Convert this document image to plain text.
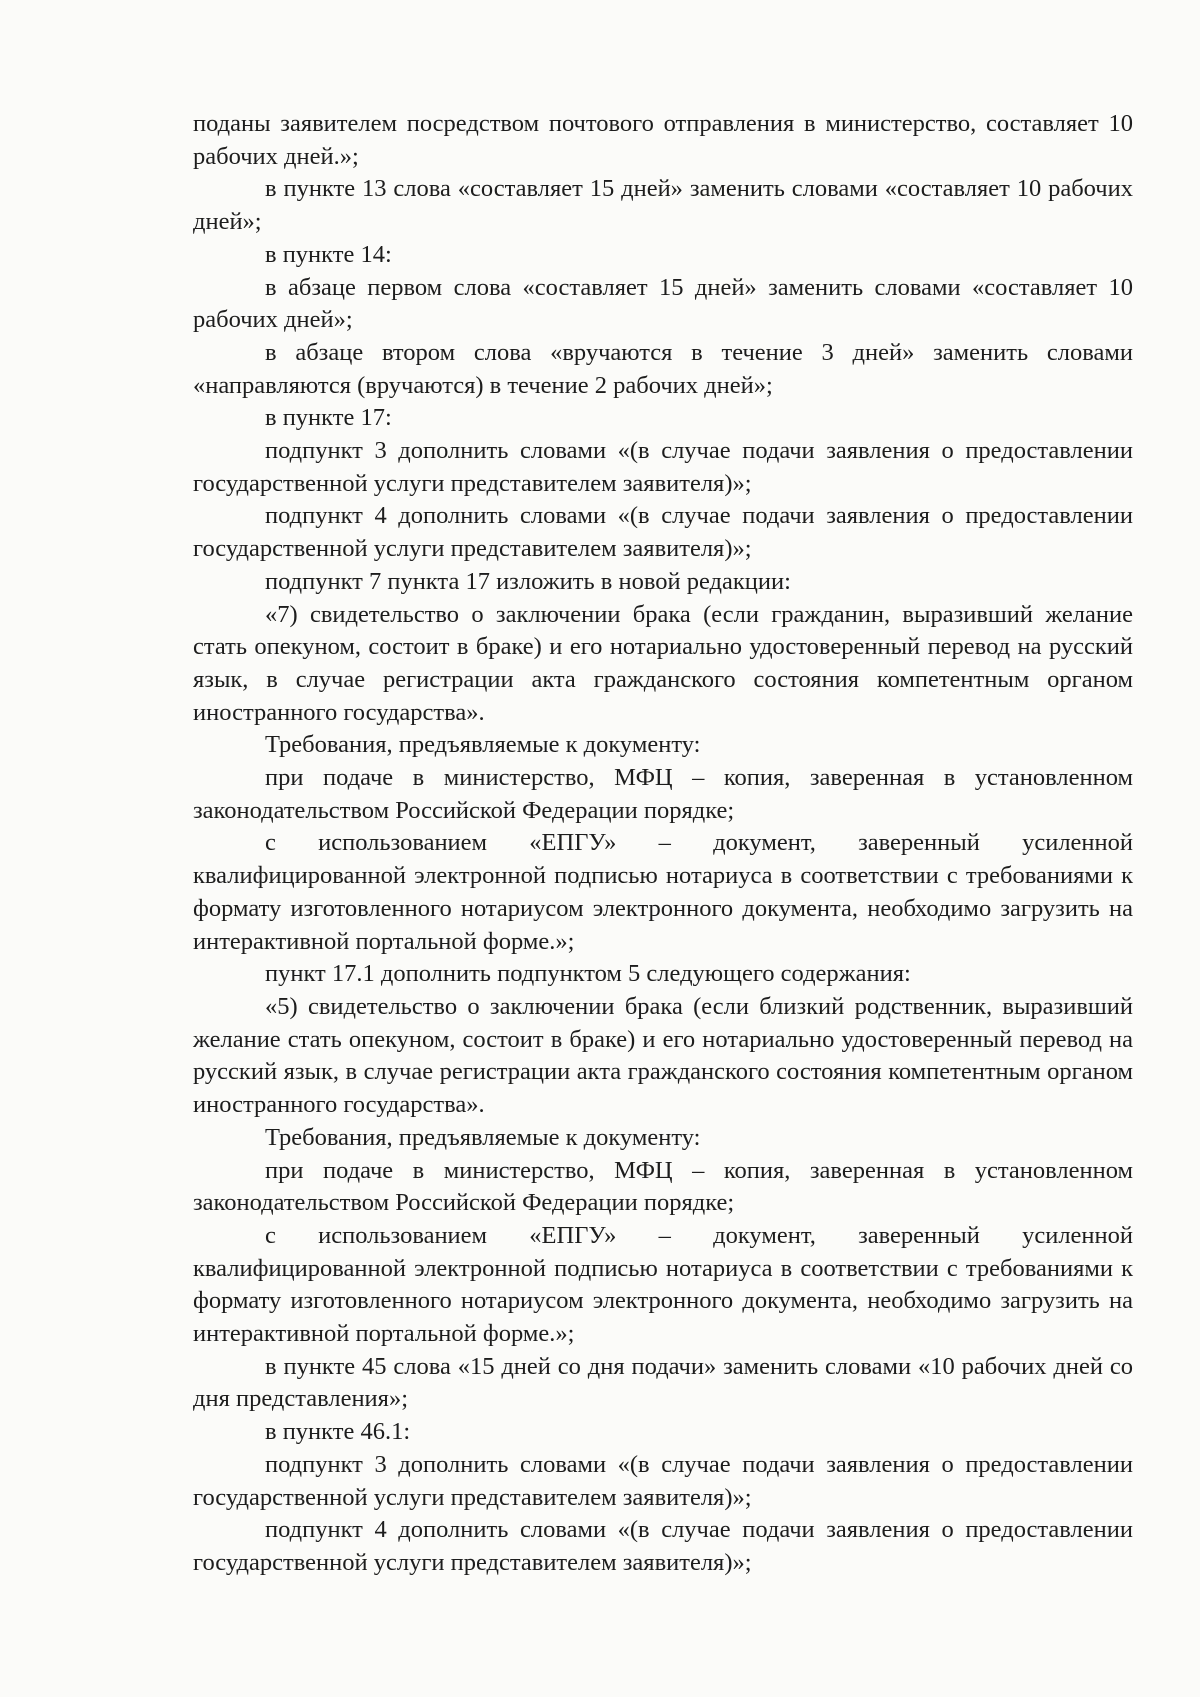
поданы заявителем посредством почтового отправления в министерство, составляет 10 рабочих дней.»;

в пункте 13 слова «составляет 15 дней» заменить словами «составляет 10 рабочих дней»;

в пункте 14:

в абзаце первом слова «составляет 15 дней» заменить словами «составляет 10 рабочих дней»;

в абзаце втором слова «вручаются в течение 3 дней» заменить словами «направляются (вручаются) в течение 2 рабочих дней»;

в пункте 17:

подпункт 3 дополнить словами «(в случае подачи заявления о предоставлении государственной услуги представителем заявителя)»;

подпункт 4 дополнить словами «(в случае подачи заявления о предоставлении государственной услуги представителем заявителя)»;

подпункт 7 пункта 17 изложить в новой редакции:

«7) свидетельство о заключении брака (если гражданин, выразивший желание стать опекуном, состоит в браке) и его нотариально удостоверенный перевод на русский язык, в случае регистрации акта гражданского состояния компетентным органом иностранного государства».

Требования, предъявляемые к документу:

при подаче в министерство, МФЦ – копия, заверенная в установленном законодательством Российской Федерации порядке;

с использованием «ЕПГУ» – документ, заверенный усиленной квалифицированной электронной подписью нотариуса в соответствии с требованиями к формату изготовленного нотариусом электронного документа, необходимо загрузить на интерактивной портальной форме.»;

пункт 17.1 дополнить подпунктом 5 следующего содержания:

«5) свидетельство о заключении брака (если близкий родственник, выразивший желание стать опекуном, состоит в браке) и его нотариально удостоверенный перевод на русский язык, в случае регистрации акта гражданского состояния компетентным органом иностранного государства».

Требования, предъявляемые к документу:

при подаче в министерство, МФЦ – копия, заверенная в установленном законодательством Российской Федерации порядке;

с использованием «ЕПГУ» – документ, заверенный усиленной квалифицированной электронной подписью нотариуса в соответствии с требованиями к формату изготовленного нотариусом электронного документа, необходимо загрузить на интерактивной портальной форме.»;

в пункте 45 слова «15 дней со дня подачи» заменить словами «10 рабочих дней со дня представления»;

в пункте 46.1:

подпункт 3 дополнить словами «(в случае подачи заявления о предоставлении государственной услуги представителем заявителя)»;

подпункт 4 дополнить словами «(в случае подачи заявления о предоставлении государственной услуги представителем заявителя)»;
